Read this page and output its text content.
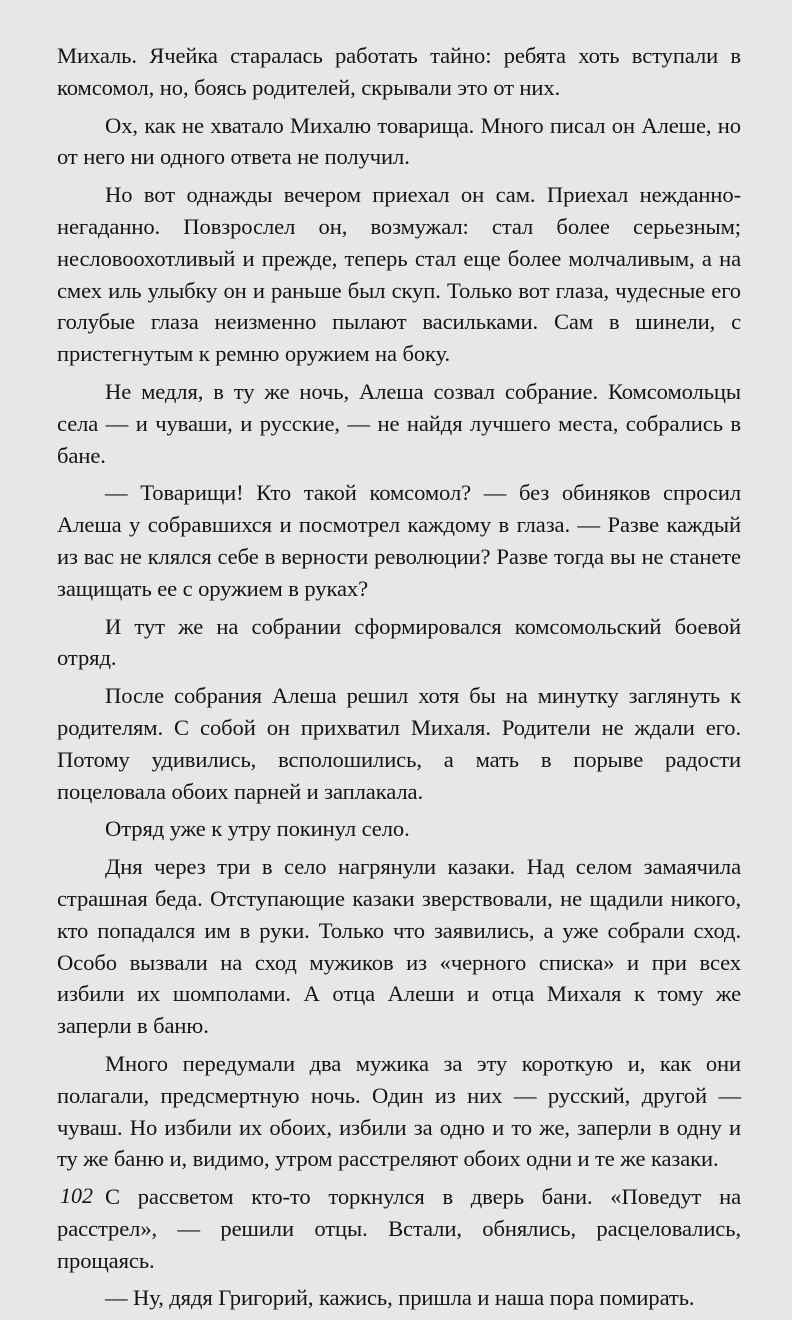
Михаль. Ячейка старалась работать тайно: ребята хоть вступали в комсомол, но, боясь родителей, скрывали это от них.

Ох, как не хватало Михалю товарища. Много писал он Алеше, но от него ни одного ответа не получил.

Но вот однажды вечером приехал он сам. Приехал нежданно-негаданно. Повзрослел он, возмужал: стал более серьезным; несловоохотливый и прежде, теперь стал еще более молчаливым, а на смех иль улыбку он и раньше был скуп. Только вот глаза, чудесные его голубые глаза неизменно пылают васильками. Сам в шинели, с пристегнутым к ремню оружием на боку.

Не медля, в ту же ночь, Алеша созвал собрание. Комсомольцы села — и чуваши, и русские, — не найдя лучшего места, собрались в бане.

— Товарищи! Кто такой комсомол? — без обиняков спросил Алеша у собравшихся и посмотрел каждому в глаза. — Разве каждый из вас не клялся себе в верности революции? Разве тогда вы не станете защищать ее с оружием в руках?

И тут же на собрании сформировался комсомольский боевой отряд.

После собрания Алеша решил хотя бы на минутку заглянуть к родителям. С собой он прихватил Михаля. Родители не ждали его. Потому удивились, всполошились, а мать в порыве радости поцеловала обоих парней и заплакала.

Отряд уже к утру покинул село.

Дня через три в село нагрянули казаки. Над селом замаячила страшная беда. Отступающие казаки зверствовали, не щадили никого, кто попадался им в руки. Только что заявились, а уже собрали сход. Особо вызвали на сход мужиков из «черного списка» и при всех избили их шомполами. А отца Алеши и отца Михаля к тому же заперли в баню.

Много передумали два мужика за эту короткую и, как они полагали, предсмертную ночь. Один из них — русский, другой — чуваш. Но избили их обоих, избили за одно и то же, заперли в одну и ту же баню и, видимо, утром расстреляют обоих одни и те же казаки.

С рассветом кто-то торкнулся в дверь бани. «Поведут на расстрел», — решили отцы. Встали, обнялись, расцеловались, прощаясь.

— Ну, дядя Григорий, кажись, пришла и наша пора помирать.

102
